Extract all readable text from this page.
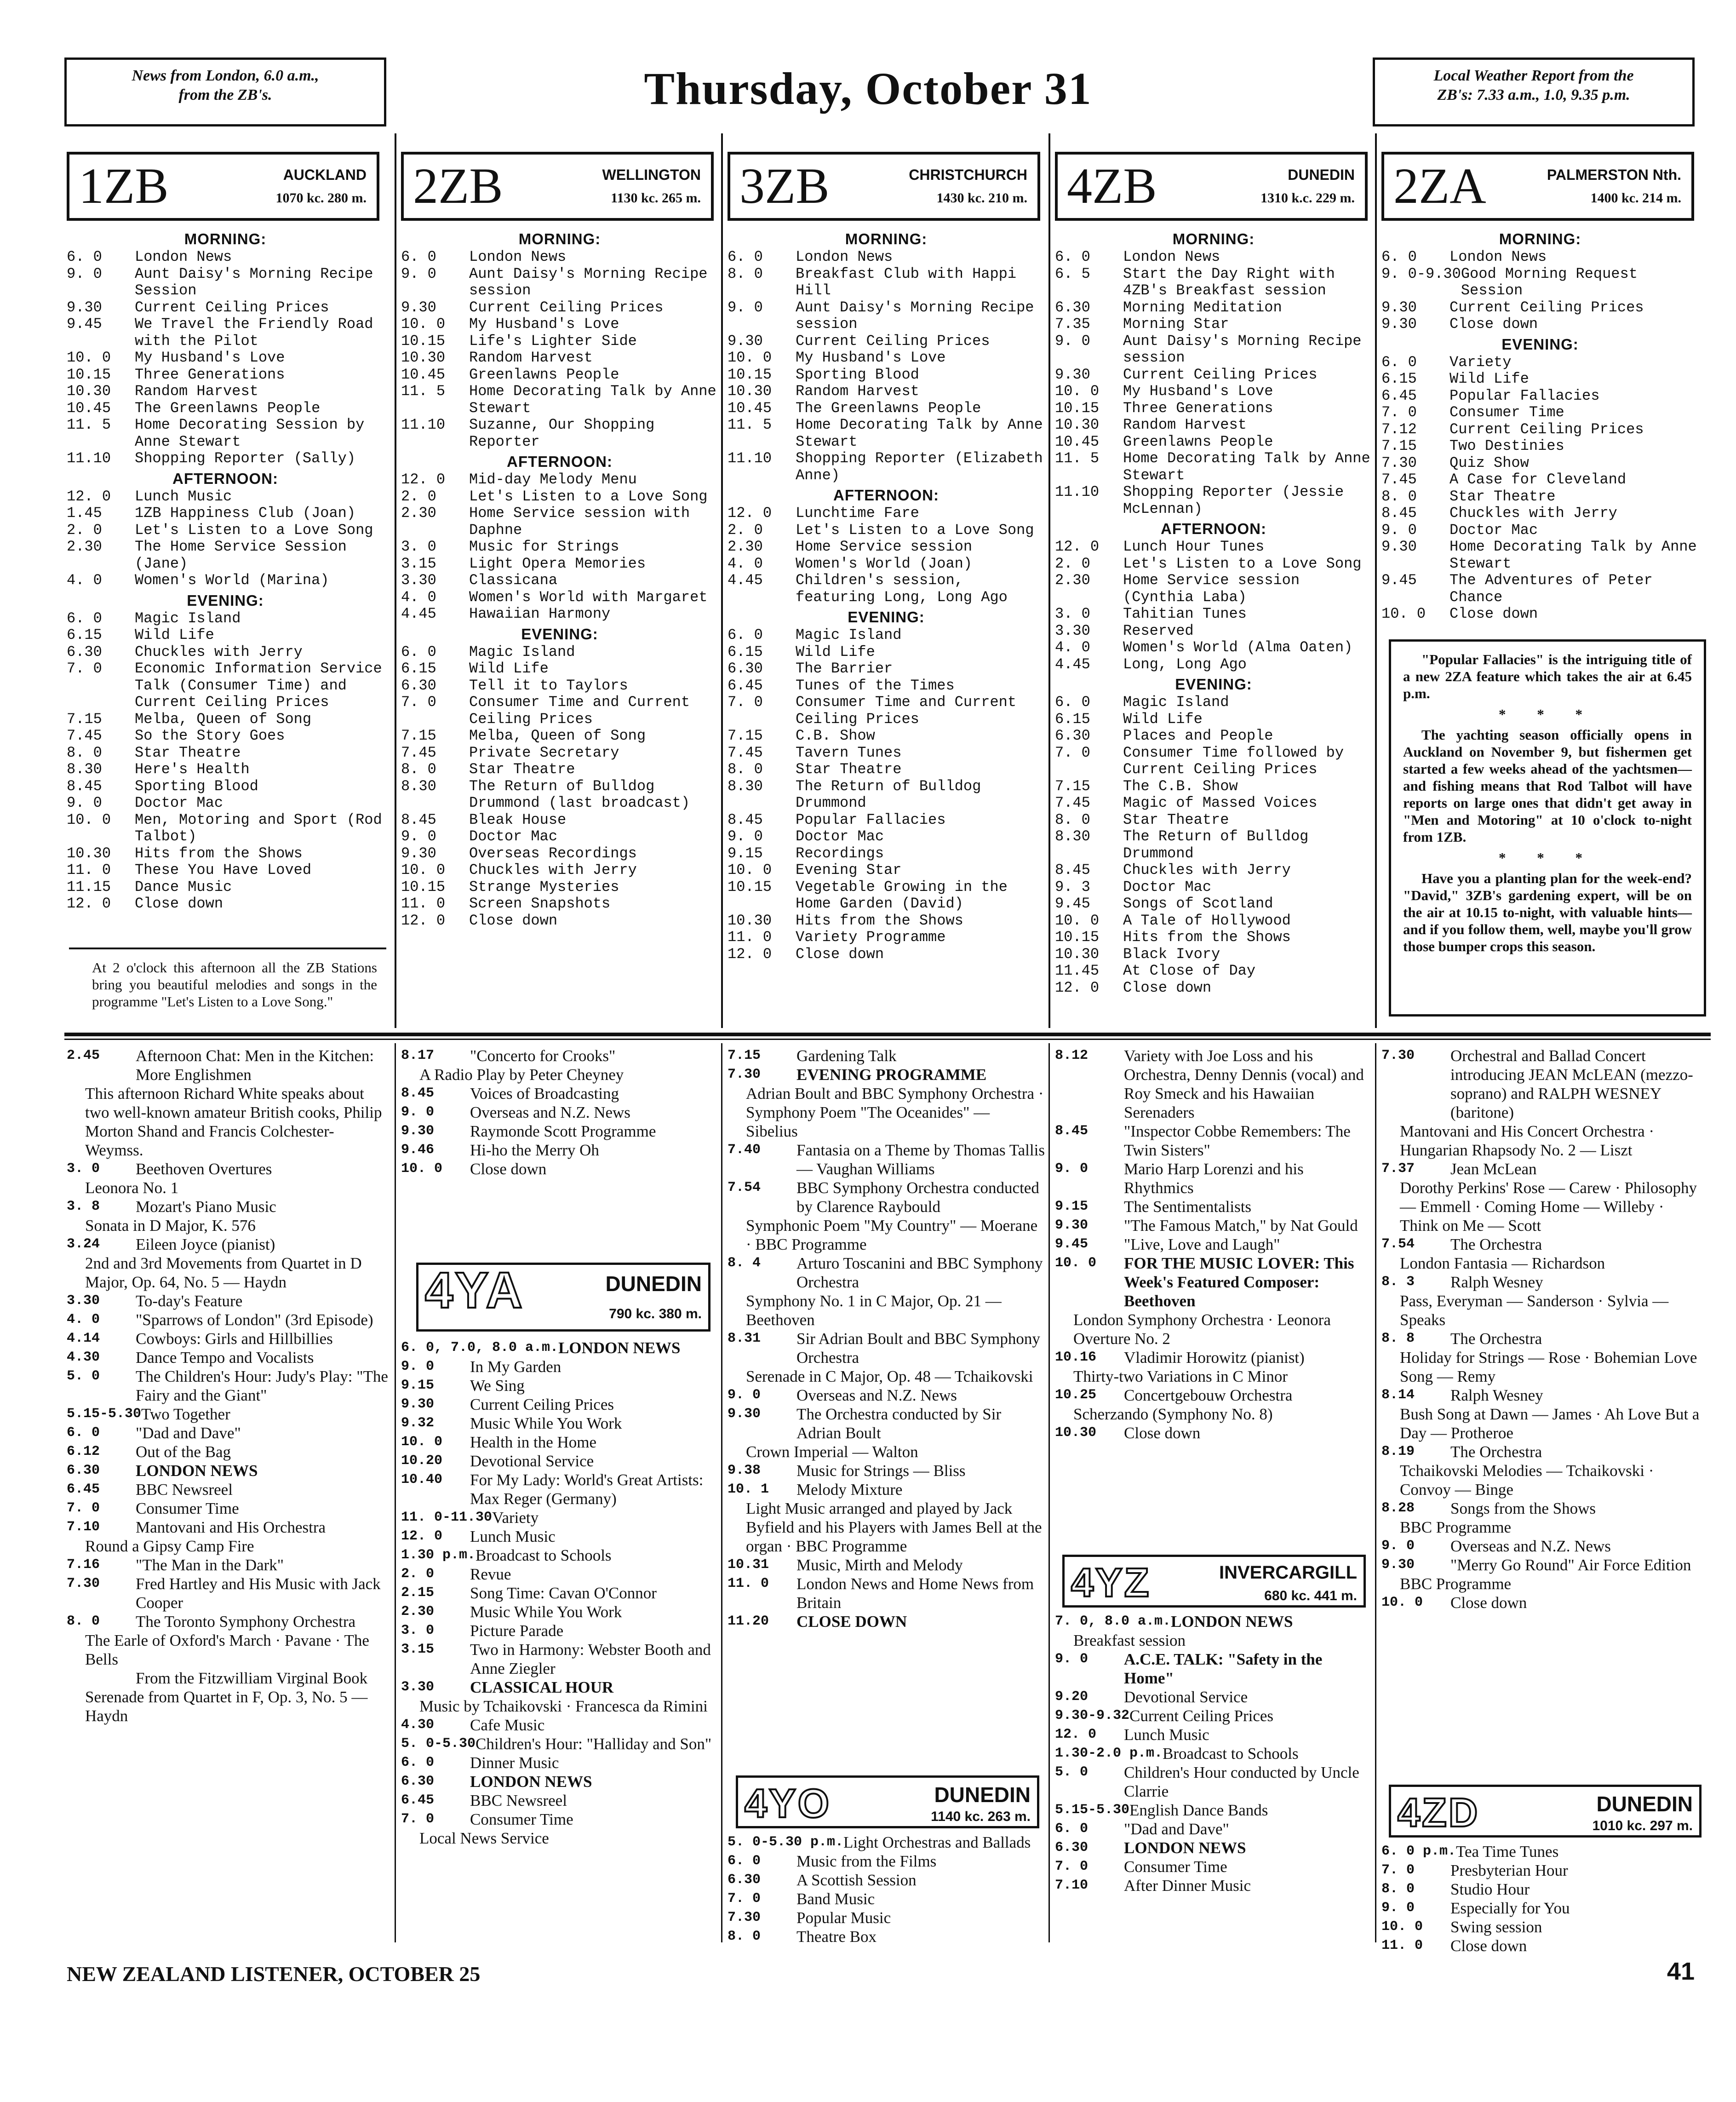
News from London, 6.0 a.m.,
from the ZB's.	Thursday, October 31	Local Weather Report from the
ZB's: 7.33 a.m., 1.0, 9.35 p.m.
1ZB	AUCKLAND
1070 kc. 280 m. 2ZB	WELLINGTON
1130 kc. 265 m. 3ZB	CHRISTCHURCH
1430 kc. 210 m. 4ZB	DUNEDIN
1310 k.c. 229 m. 2ZA	PALMERSTON Nth.
1400 kc. 214 m.
MORNING:
6. 0	London News
9. 0	Aunt Daisy's Morning Recipe Session
9.30	Current Ceiling Prices
9.45	We Travel the Friendly Road with the Pilot
10. 0	My Husband's Love
10.15	Three Generations
10.30	Random Harvest
10.45	The Greenlawns People
11. 5	Home Decorating Session by Anne Stewart
11.10	Shopping Reporter (Sally)
AFTERNOON:
12. 0	Lunch Music
1.45	1ZB Happiness Club (Joan)
2. 0	Let's Listen to a Love Song
2.30	The Home Service Session (Jane)
4. 0	Women's World (Marina)
EVENING:
6. 0	Magic Island
6.15	Wild Life
6.30	Chuckles with Jerry
7. 0	Economic Information Service Talk (Consumer Time) and Current Ceiling Prices
7.15	Melba, Queen of Song
7.45	So the Story Goes
8. 0	Star Theatre
8.30	Here's Health
8.45	Sporting Blood
9. 0	Doctor Mac
10. 0	Men, Motoring and Sport (Rod Talbot)
10.30	Hits from the Shows
11. 0	These You Have Loved
11.15	Dance Music
12. 0	Close down
MORNING:
6. 0	London News
9. 0	Aunt Daisy's Morning Recipe session
9.30	Current Ceiling Prices
10. 0	My Husband's Love
10.15	Life's Lighter Side
10.30	Random Harvest
10.45	Greenlawns People
11. 5	Home Decorating Talk by Anne Stewart
11.10	Suzanne, Our Shopping Reporter
AFTERNOON:
12. 0	Mid-day Melody Menu
2. 0	Let's Listen to a Love Song
2.30	Home Service session with Daphne
3. 0	Music for Strings
3.15	Light Opera Memories
3.30	Classicana
4. 0	Women's World with Margaret
4.45	Hawaiian Harmony
EVENING:
6. 0	Magic Island
6.15	Wild Life
6.30	Tell it to Taylors
7. 0	Consumer Time and Current Ceiling Prices
7.15	Melba, Queen of Song
7.45	Private Secretary
8. 0	Star Theatre
8.30	The Return of Bulldog Drummond (last broadcast)
8.45	Bleak House
9. 0	Doctor Mac
9.30	Overseas Recordings
10. 0	Chuckles with Jerry
10.15	Strange Mysteries
11. 0	Screen Snapshots
12. 0	Close down
MORNING:
6. 0	London News
8. 0	Breakfast Club with Happi Hill
9. 0	Aunt Daisy's Morning Recipe session
9.30	Current Ceiling Prices
10. 0	My Husband's Love
10.15	Sporting Blood
10.30	Random Harvest
10.45	The Greenlawns People
11. 5	Home Decorating Talk by Anne Stewart
11.10	Shopping Reporter (Elizabeth Anne)
AFTERNOON:
12. 0	Lunchtime Fare
2. 0	Let's Listen to a Love Song
2.30	Home Service session
4. 0	Women's World (Joan)
4.45	Children's session, featuring Long, Long Ago
EVENING:
6. 0	Magic Island
6.15	Wild Life
6.30	The Barrier
6.45	Tunes of the Times
7. 0	Consumer Time and Current Ceiling Prices
7.15	C.B. Show
7.45	Tavern Tunes
8. 0	Star Theatre
8.30	The Return of Bulldog Drummond
8.45	Popular Fallacies
9. 0	Doctor Mac
9.15	Recordings
10. 0	Evening Star
10.15	Vegetable Growing in the Home Garden (David)
10.30	Hits from the Shows
11. 0	Variety Programme
12. 0	Close down
MORNING:
6. 0	London News
6. 5	Start the Day Right with 4ZB's Breakfast session
6.30	Morning Meditation
7.35	Morning Star
9. 0	Aunt Daisy's Morning Recipe session
9.30	Current Ceiling Prices
10. 0	My Husband's Love
10.15	Three Generations
10.30	Random Harvest
10.45	Greenlawns People
11. 5	Home Decorating Talk by Anne Stewart
11.10	Shopping Reporter (Jessie McLennan)
AFTERNOON:
12. 0	Lunch Hour Tunes
2. 0	Let's Listen to a Love Song
2.30	Home Service session (Cynthia Laba)
3. 0	Tahitian Tunes
3.30	Reserved
4. 0	Women's World (Alma Oaten)
4.45	Long, Long Ago
EVENING:
6. 0	Magic Island
6.15	Wild Life
6.30	Places and People
7. 0	Consumer Time followed by Current Ceiling Prices
7.15	The C.B. Show
7.45	Magic of Massed Voices
8. 0	Star Theatre
8.30	The Return of Bulldog Drummond
8.45	Chuckles with Jerry
9. 3	Doctor Mac
9.45	Songs of Scotland
10. 0	A Tale of Hollywood
10.15	Hits from the Shows
10.30	Black Ivory
11.45	At Close of Day
12. 0	Close down
MORNING:
6. 0	London News
9. 0-9.30 Good Morning Request Session
9.30	Current Ceiling Prices
9.30	Close down
EVENING:
6. 0	Variety
6.15	Wild Life
6.45	Popular Fallacies
7. 0	Consumer Time
7.12	Current Ceiling Prices
7.15	Two Destinies
7.30	Quiz Show
7.45	A Case for Cleveland
8. 0	Star Theatre
8.45	Chuckles with Jerry
9. 0	Doctor Mac
9.30	Home Decorating Talk by Anne Stewart
9.45	The Adventures of Peter Chance
10. 0	Close down
At 2 o'clock this afternoon all the ZB Stations bring you beautiful melodies and songs in the programme "Let's Listen to a Love Song."

"Popular Fallacies" is the intriguing title of a new 2ZA feature which takes the air at 6.45 p.m.

* * *

The yachting season officially opens in Auckland on November 9, but fishermen get started a few weeks ahead of the yachtsmen—and fishing means that Rod Talbot will have reports on large ones that didn't get away in "Men and Motoring" at 10 o'clock to-night from 1ZB.

* * *

Have you a planting plan for the week-end? "David," 3ZB's gardening expert, will be on the air at 10.15 to-night, with valuable hints—and if you follow them, well, maybe you'll grow those bumper crops this season.

2.45	Afternoon Chat: Men in the Kitchen: More Englishmen
This afternoon Richard White speaks about two well-known amateur British cooks, Philip Morton Shand and Francis Colchester-Weymss.
3. 0	Beethoven Overtures
Leonora No. 1
3. 8	Mozart's Piano Music
Sonata in D Major, K. 576
3.24	Eileen Joyce (pianist)
2nd and 3rd Movements from Quartet in D Major, Op. 64, No. 5 — Haydn
3.30	To-day's Feature
4. 0	"Sparrows of London" (3rd Episode)
4.14	Cowboys: Girls and Hillbillies
4.30	Dance Tempo and Vocalists
5. 0	The Children's Hour: Judy's Play: "The Fairy and the Giant"
5.15-5.30 Two Together
6. 0	"Dad and Dave"
6.12	Out of the Bag
6.30	LONDON NEWS
6.45	BBC Newsreel
7. 0	Consumer Time
7.10	Mantovani and His Orchestra
Round a Gipsy Camp Fire
7.16	"The Man in the Dark"
7.30	Fred Hartley and His Music with Jack Cooper
8. 0	The Toronto Symphony Orchestra
The Earle of Oxford's March · Pavane · The Bells
From the Fitzwilliam Virginal Book
Serenade from Quartet in F, Op. 3, No. 5 — Haydn
8.17	"Concerto for Crooks"
A Radio Play by Peter Cheyney
8.45	Voices of Broadcasting
9. 0	Overseas and N.Z. News
9.30	Raymonde Scott Programme
9.46	Hi-ho the Merry Oh
10. 0	Close down
4YA	DUNEDIN
790 kc. 380 m.
6. 0, 7.0, 8.0 a.m. LONDON NEWS
9. 0	In My Garden
9.15	We Sing
9.30	Current Ceiling Prices
9.32	Music While You Work
10. 0	Health in the Home
10.20	Devotional Service
10.40	For My Lady: World's Great Artists: Max Reger (Germany)
11. 0-11.30 Variety
12. 0	Lunch Music
1.30 p.m. Broadcast to Schools
2. 0	Revue
2.15	Song Time: Cavan O'Connor
2.30	Music While You Work
3. 0	Picture Parade
3.15	Two in Harmony: Webster Booth and Anne Ziegler
3.30	CLASSICAL HOUR
Music by Tchaikovski · Francesca da Rimini
4.30	Cafe Music
5. 0-5.30 Children's Hour: "Halliday and Son"
6. 0	Dinner Music
6.30	LONDON NEWS
6.45	BBC Newsreel
7. 0	Consumer Time
Local News Service
7.15	Gardening Talk
7.30	EVENING PROGRAMME
Adrian Boult and BBC Symphony Orchestra · Symphony Poem "The Oceanides" — Sibelius
7.40	Fantasia on a Theme by Thomas Tallis — Vaughan Williams
7.54	BBC Symphony Orchestra conducted by Clarence Raybould
Symphonic Poem "My Country" — Moerane · BBC Programme
8. 4	Arturo Toscanini and BBC Symphony Orchestra
Symphony No. 1 in C Major, Op. 21 — Beethoven
8.31	Sir Adrian Boult and BBC Symphony Orchestra
Serenade in C Major, Op. 48 — Tchaikovski
9. 0	Overseas and N.Z. News
9.30	The Orchestra conducted by Sir Adrian Boult
Crown Imperial — Walton
9.38	Music for Strings — Bliss
10. 1	Melody Mixture
Light Music arranged and played by Jack Byfield and his Players with James Bell at the organ · BBC Programme
10.31	Music, Mirth and Melody
11. 0	London News and Home News from Britain
11.20	CLOSE DOWN
4YO	DUNEDIN
1140 kc. 263 m.
5. 0-5.30 p.m. Light Orchestras and Ballads
6. 0	Music from the Films
6.30	A Scottish Session
7. 0	Band Music
7.30	Popular Music
8. 0	Theatre Box
8.12	Variety with Joe Loss and his Orchestra, Denny Dennis (vocal) and Roy Smeck and his Hawaiian Serenaders
8.45	"Inspector Cobbe Remembers: The Twin Sisters"
9. 0	Mario Harp Lorenzi and his Rhythmics
9.15	The Sentimentalists
9.30	"The Famous Match," by Nat Gould
9.45	"Live, Love and Laugh"
10. 0	FOR THE MUSIC LOVER: This Week's Featured Composer: Beethoven
London Symphony Orchestra · Leonora Overture No. 2
10.16	Vladimir Horowitz (pianist)
Thirty-two Variations in C Minor
10.25	Concertgebouw Orchestra
Scherzando (Symphony No. 8)
10.30	Close down
4YZ	INVERCARGILL
680 kc. 441 m.
7. 0, 8.0 a.m. LONDON NEWS
Breakfast session
9. 0	A.C.E. TALK: "Safety in the Home"
9.20	Devotional Service
9.30-9.32 Current Ceiling Prices
12. 0	Lunch Music
1.30-2.0 p.m. Broadcast to Schools
5. 0	Children's Hour conducted by Uncle Clarrie
5.15-5.30 English Dance Bands
6. 0	"Dad and Dave"
6.30	LONDON NEWS
7. 0	Consumer Time
7.10	After Dinner Music
7.30	Orchestral and Ballad Concert introducing JEAN McLEAN (mezzo-soprano) and RALPH WESNEY (baritone)
Mantovani and His Concert Orchestra · Hungarian Rhapsody No. 2 — Liszt
7.37	Jean McLean
Dorothy Perkins' Rose — Carew · Philosophy — Emmell · Coming Home — Willeby · Think on Me — Scott
7.54	The Orchestra
London Fantasia — Richardson
8. 3	Ralph Wesney
Pass, Everyman — Sanderson · Sylvia — Speaks
8. 8	The Orchestra
Holiday for Strings — Rose · Bohemian Love Song — Remy
8.14	Ralph Wesney
Bush Song at Dawn — James · Ah Love But a Day — Protheroe
8.19	The Orchestra
Tchaikovski Melodies — Tchaikovski · Convoy — Binge
8.28	Songs from the Shows
BBC Programme
9. 0	Overseas and N.Z. News
9.30	"Merry Go Round" Air Force Edition
BBC Programme
10. 0	Close down
4ZD	DUNEDIN
1010 kc. 297 m.
6. 0 p.m. Tea Time Tunes
7. 0	Presbyterian Hour
8. 0	Studio Hour
9. 0	Especially for You
10. 0	Swing session
11. 0	Close down
NEW ZEALAND LISTENER, OCTOBER 25	41
